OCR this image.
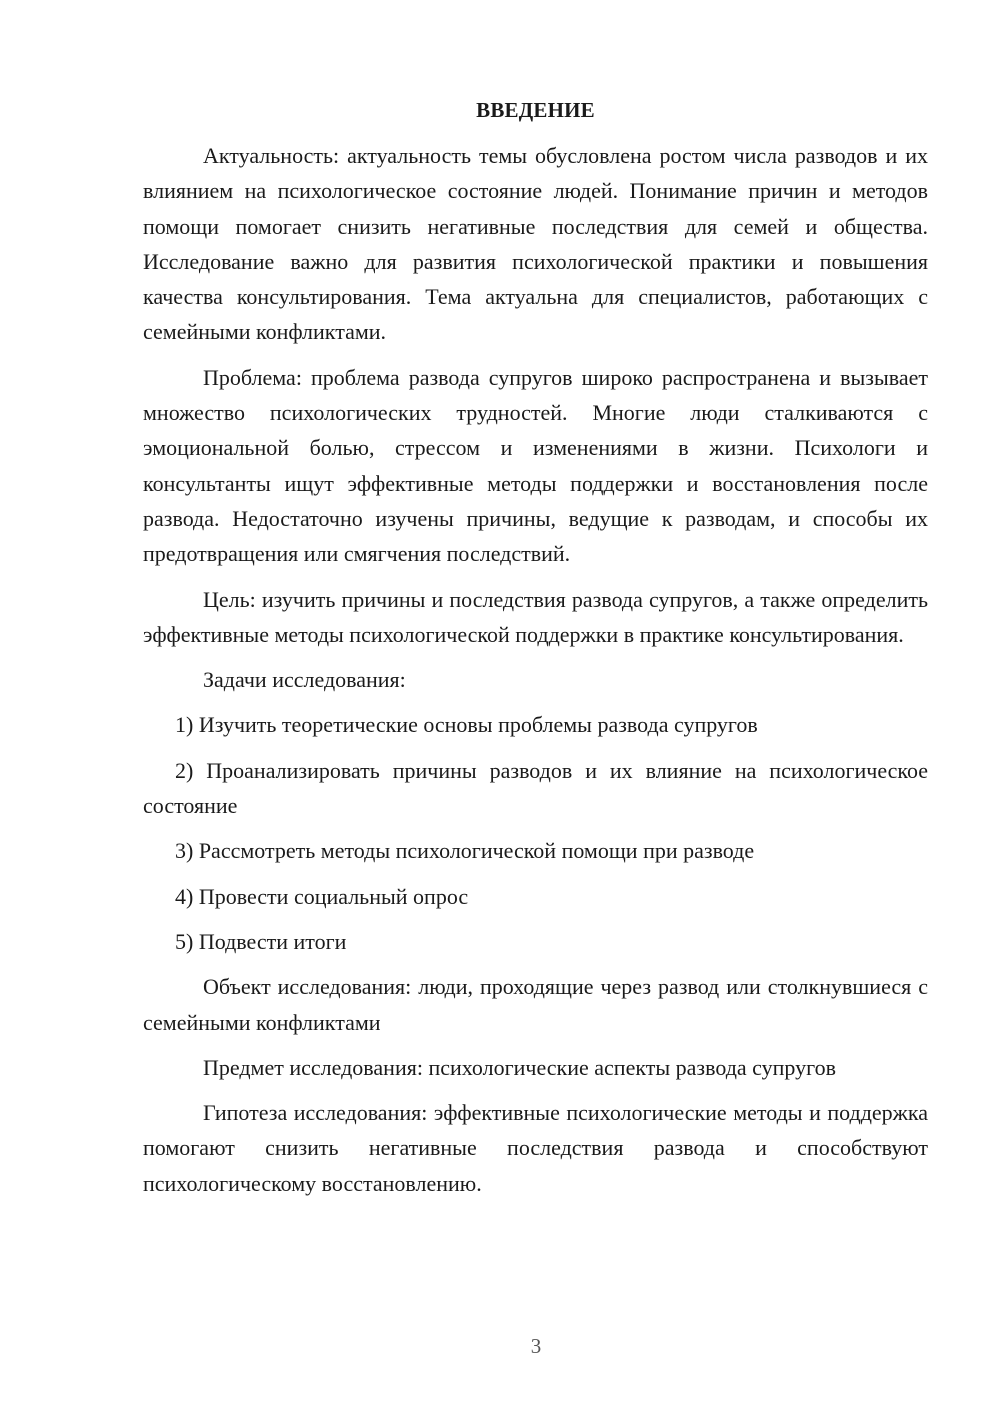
ВВЕДЕНИЕ

Актуальность: актуальность темы обусловлена ростом числа разводов и их влиянием на психологическое состояние людей. Понимание причин и методов помощи помогает снизить негативные последствия для семей и общества. Исследование важно для развития психологической практики и повышения качества консультирования. Тема актуальна для специалистов, работающих с семейными конфликтами.

Проблема: проблема развода супругов широко распространена и вызывает множество психологических трудностей. Многие люди сталкиваются с эмоциональной болью, стрессом и изменениями в жизни. Психологи и консультанты ищут эффективные методы поддержки и восстановления после развода. Недостаточно изучены причины, ведущие к разводам, и способы их предотвращения или смягчения последствий.

Цель: изучить причины и последствия развода супругов, а также определить эффективные методы психологической поддержки в практике консультирования.

Задачи исследования:

1) Изучить теоретические основы проблемы развода супругов

2) Проанализировать причины разводов и их влияние на психологическое состояние

3) Рассмотреть методы психологической помощи при разводе

4) Провести социальный опрос

5) Подвести итоги

Объект исследования: люди, проходящие через развод или столкнувшиеся с семейными конфликтами

Предмет исследования: психологические аспекты развода супругов

Гипотеза исследования: эффективные психологические методы и поддержка помогают снизить негативные последствия развода и способствуют психологическому восстановлению.

3
